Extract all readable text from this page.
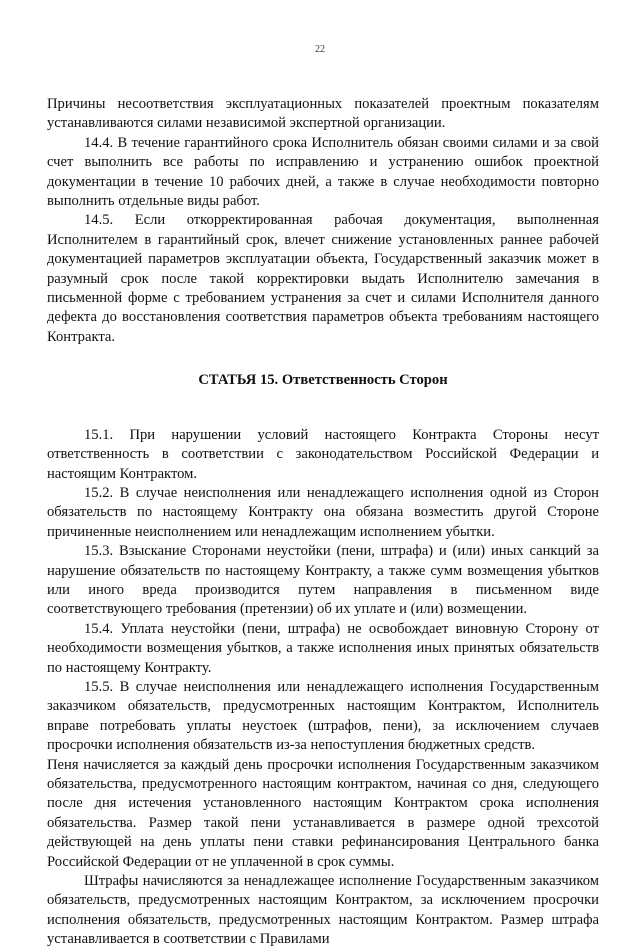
22

Причины несоответствия эксплуатационных показателей проектным показателям устанавливаются силами независимой экспертной организации.

14.4. В течение гарантийного срока Исполнитель обязан своими силами и за свой счет выполнить все работы по исправлению и устранению ошибок проектной документации в течение 10 рабочих дней, а также в случае необходимости повторно выполнить отдельные виды работ.

14.5. Если откорректированная рабочая документация, выполненная Исполнителем в гарантийный срок, влечет снижение установленных раннее рабочей документацией параметров эксплуатации объекта, Государственный заказчик может в разумный срок после такой корректировки выдать Исполнителю замечания в письменной форме с требованием устранения за счет и силами Исполнителя данного дефекта до восстановления соответствия параметров объекта требованиям настоящего Контракта.

СТАТЬЯ 15. Ответственность Сторон

15.1. При нарушении условий настоящего Контракта Стороны несут ответственность в соответствии с законодательством Российской Федерации и настоящим Контрактом.

15.2. В случае неисполнения или ненадлежащего исполнения одной из Сторон обязательств по настоящему Контракту она обязана возместить другой Стороне причиненные неисполнением или ненадлежащим исполнением убытки.

15.3. Взыскание Сторонами неустойки (пени, штрафа) и (или) иных санкций за нарушение обязательств по настоящему Контракту, а также сумм возмещения убытков или иного вреда производится путем направления в письменном виде соответствующего требования (претензии) об их уплате и (или) возмещении.

15.4. Уплата неустойки (пени, штрафа) не освобождает виновную Сторону от необходимости возмещения убытков, а также исполнения иных принятых обязательств по настоящему Контракту.

15.5. В случае неисполнения или ненадлежащего исполнения Государственным заказчиком обязательств, предусмотренных настоящим Контрактом, Исполнитель вправе потребовать уплаты неустоек (штрафов, пени), за исключением случаев просрочки исполнения обязательств из-за непоступления бюджетных средств.

Пеня начисляется за каждый день просрочки исполнения Государственным заказчиком обязательства, предусмотренного настоящим контрактом, начиная со дня, следующего после дня истечения установленного настоящим Контрактом срока исполнения обязательства. Размер такой пени устанавливается в размере одной трехсотой действующей на день уплаты пени ставки рефинансирования Центрального банка Российской Федерации от не уплаченной в срок суммы.

Штрафы начисляются за ненадлежащее исполнение Государственным заказчиком обязательств, предусмотренных настоящим Контрактом, за исключением просрочки исполнения обязательств, предусмотренных настоящим Контрактом. Размер штрафа устанавливается в соответствии с Правилами
